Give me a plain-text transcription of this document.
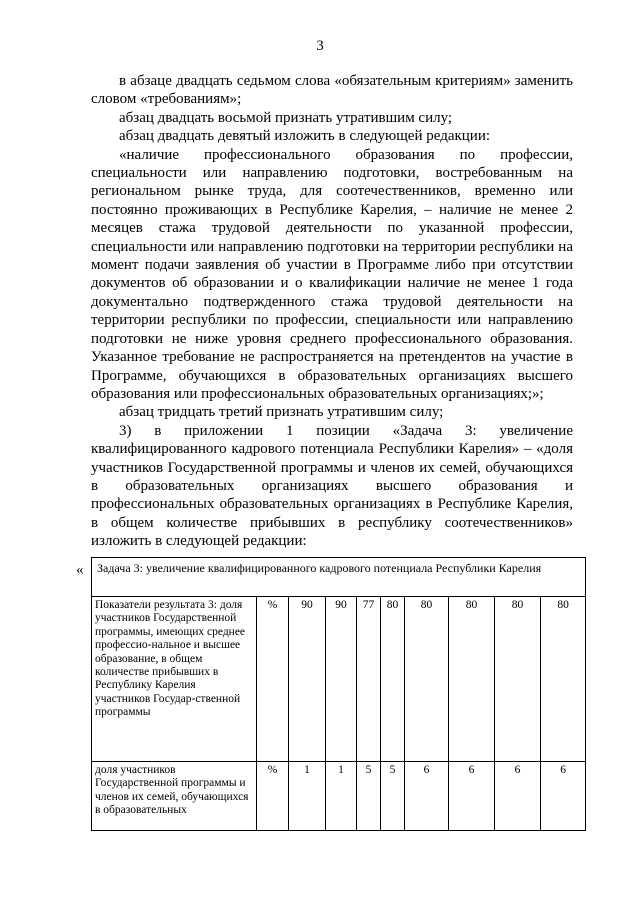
3

в абзаце двадцать седьмом слова «обязательным критериям» заменить словом «требованиям»;

абзац двадцать восьмой признать утратившим силу;

абзац двадцать девятый изложить в следующей редакции:

«наличие профессионального образования по профессии, специальности или направлению подготовки, востребованным на региональном рынке труда, для соотечественников, временно или постоянно проживающих в Республике Карелия, – наличие не менее 2 месяцев стажа трудовой деятельности по указанной профессии, специальности или направлению подготовки на территории республики на момент подачи заявления об участии в Программе либо при отсутствии документов об образовании и о квалификации наличие не менее 1 года документально подтвержденного стажа трудовой деятельности на территории республики по профессии, специальности или направлению подготовки не ниже уровня среднего профессионального образования. Указанное требование не распространяется на претендентов на участие в Программе, обучающихся в образовательных организациях высшего образования или профессиональных образовательных организациях;»;

абзац тридцать третий признать утратившим силу;

3) в приложении 1 позиции «Задача 3: увеличение квалифицированного кадрового потенциала Республики Карелия» – «доля участников Государственной программы и членов их семей, обучающихся в образовательных организациях высшего образования и профессиональных образовательных организациях в Республике Карелия, в общем количестве прибывших в республику соотечественников» изложить в следующей редакции:

« Задача 3: увеличение квалифицированного кадрового потенциала Республики Карелия									
Показатели результата 3: доля участников Государственной программы, имеющих среднее профессио-нальное и высшее образование, в общем количестве прибывших в Республику Карелия участников Государ-ственной программы	%	90	90	77	80	80	80	80	80
доля участников Государственной программы и членов их семей, обучающихся в образовательных	%	1	1	5	5	6	6	6	6
